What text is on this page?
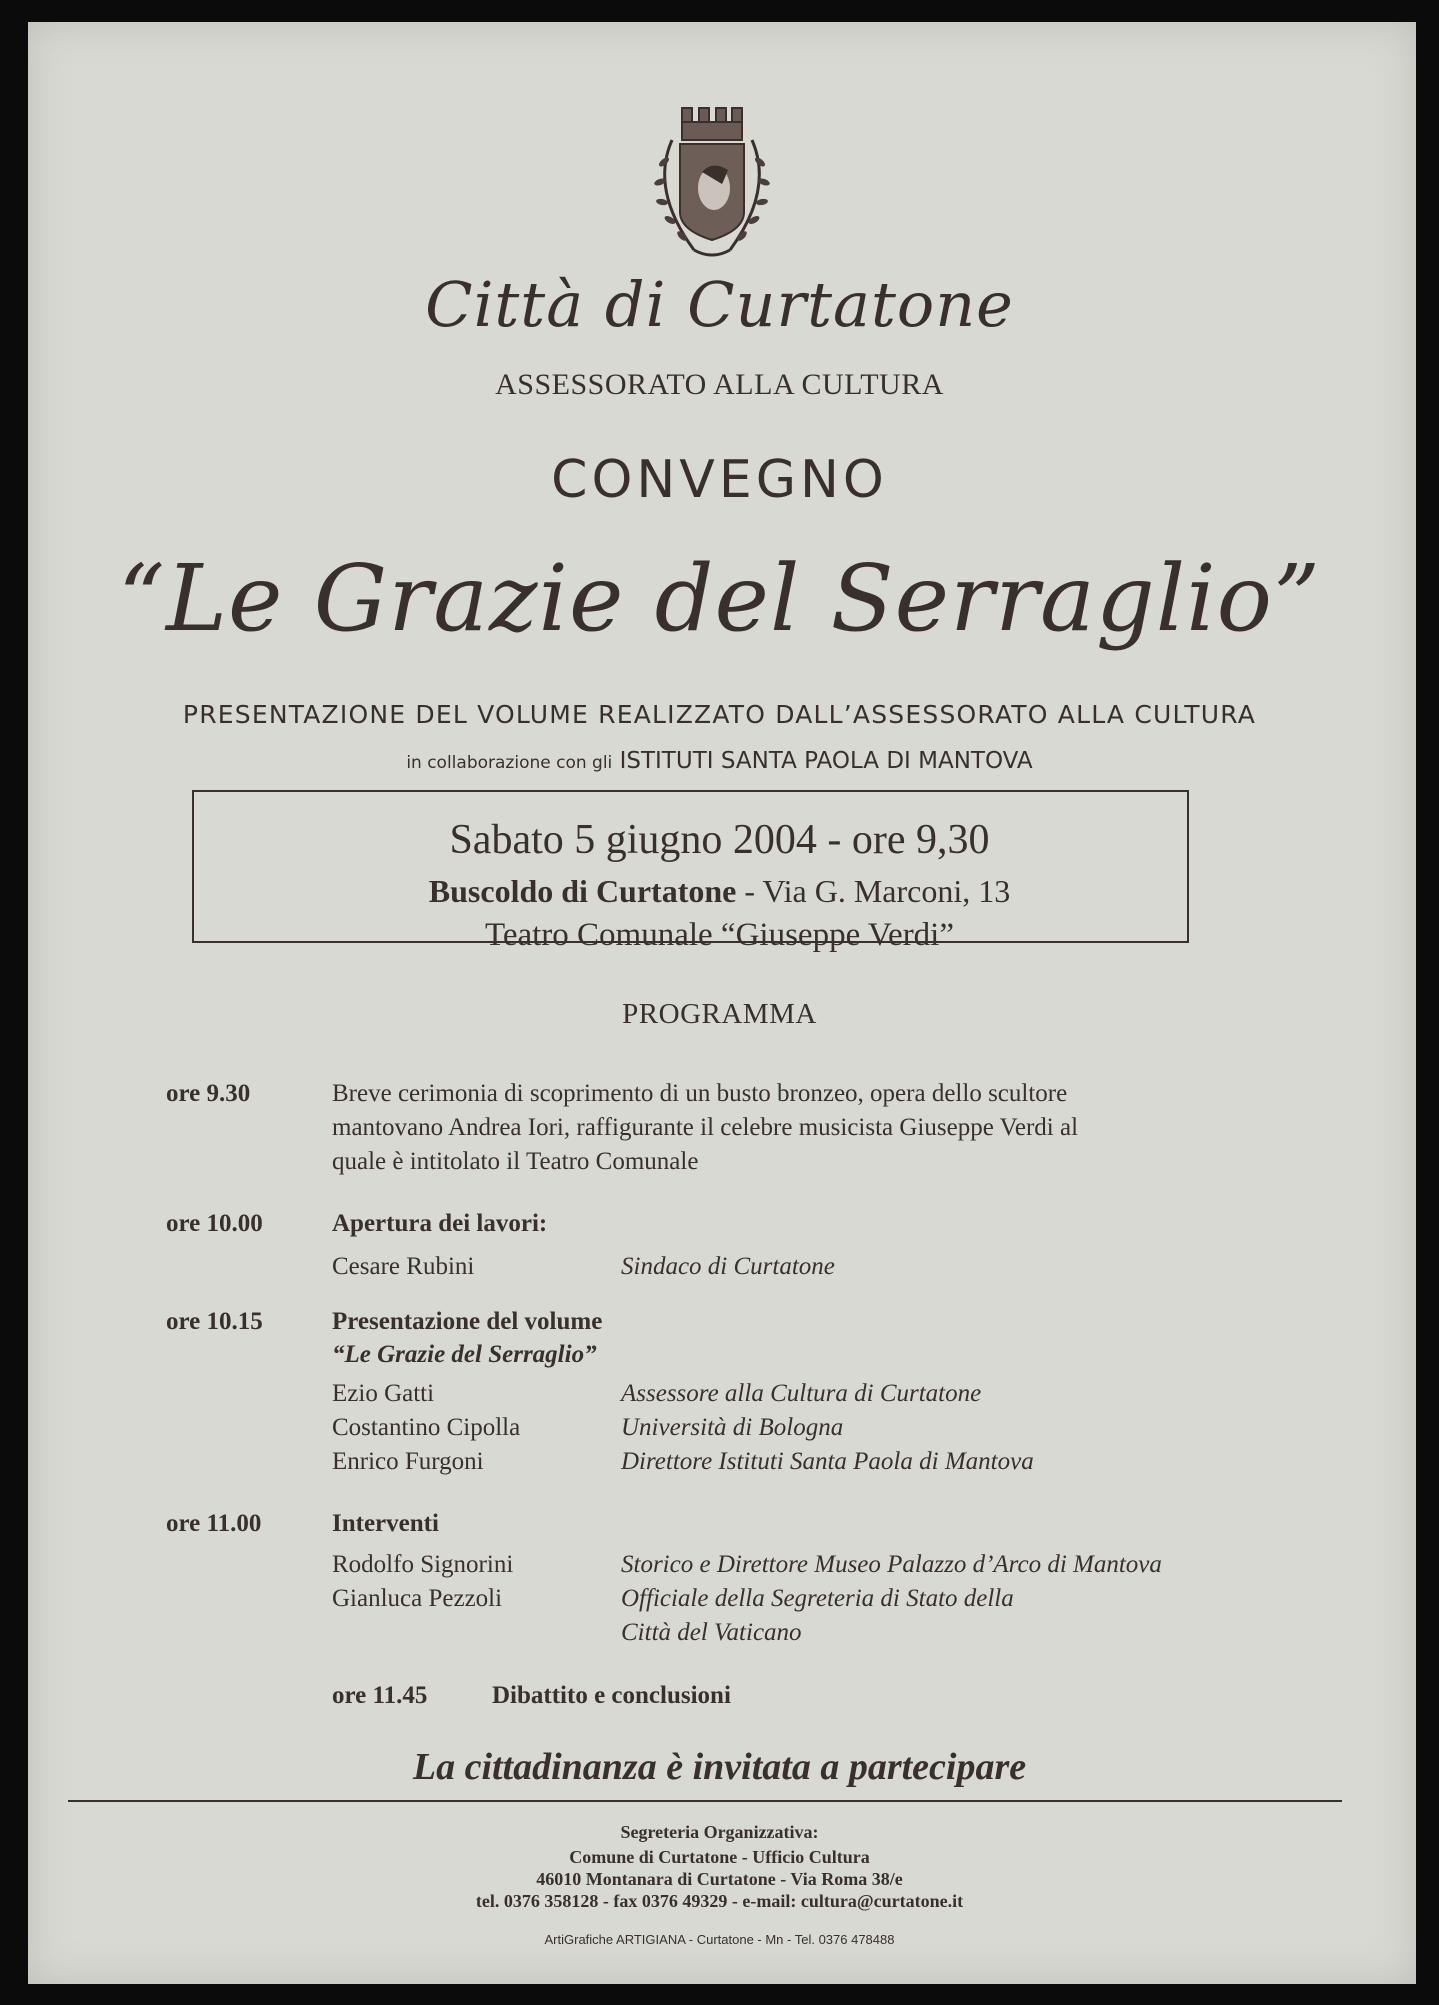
Città di Curtatone
ASSESSORATO ALLA CULTURA
CONVEGNO
“Le Grazie del Serraglio”
PRESENTAZIONE DEL VOLUME REALIZZATO DALL’ASSESSORATO ALLA CULTURA
in collaborazione con gli ISTITUTI SANTA PAOLA DI MANTOVA
Sabato 5 giugno 2004 - ore 9,30
Buscoldo di Curtatone - Via G. Marconi, 13
Teatro Comunale “Giuseppe Verdi”
PROGRAMMA
ore 9.30	Breve cerimonia di scoprimento di un busto bronzeo, opera dello scultore
mantovano Andrea Iori, raffigurante il celebre musicista Giuseppe Verdi al
quale è intitolato il Teatro Comunale
ore 10.00	Apertura dei lavori:
Cesare Rubini	Sindaco di Curtatone
ore 10.15	Presentazione del volume
“Le Grazie del Serraglio”
Ezio Gatti	Assessore alla Cultura di Curtatone
Costantino Cipolla	Università di Bologna
Enrico Furgoni	Direttore Istituti Santa Paola di Mantova
ore 11.00	Interventi
Rodolfo Signorini	Storico e Direttore Museo Palazzo d’Arco di Mantova
Gianluca Pezzoli	Officiale della Segreteria di Stato della
Città del Vaticano
ore 11.45	Dibattito e conclusioni
La cittadinanza è invitata a partecipare
Segreteria Organizzativa:
Comune di Curtatone - Ufficio Cultura
46010 Montanara di Curtatone - Via Roma 38/e
tel. 0376 358128 - fax 0376 49329 - e-mail: cultura@curtatone.it
ArtiGrafiche ARTIGIANA - Curtatone - Mn - Tel. 0376 478488
